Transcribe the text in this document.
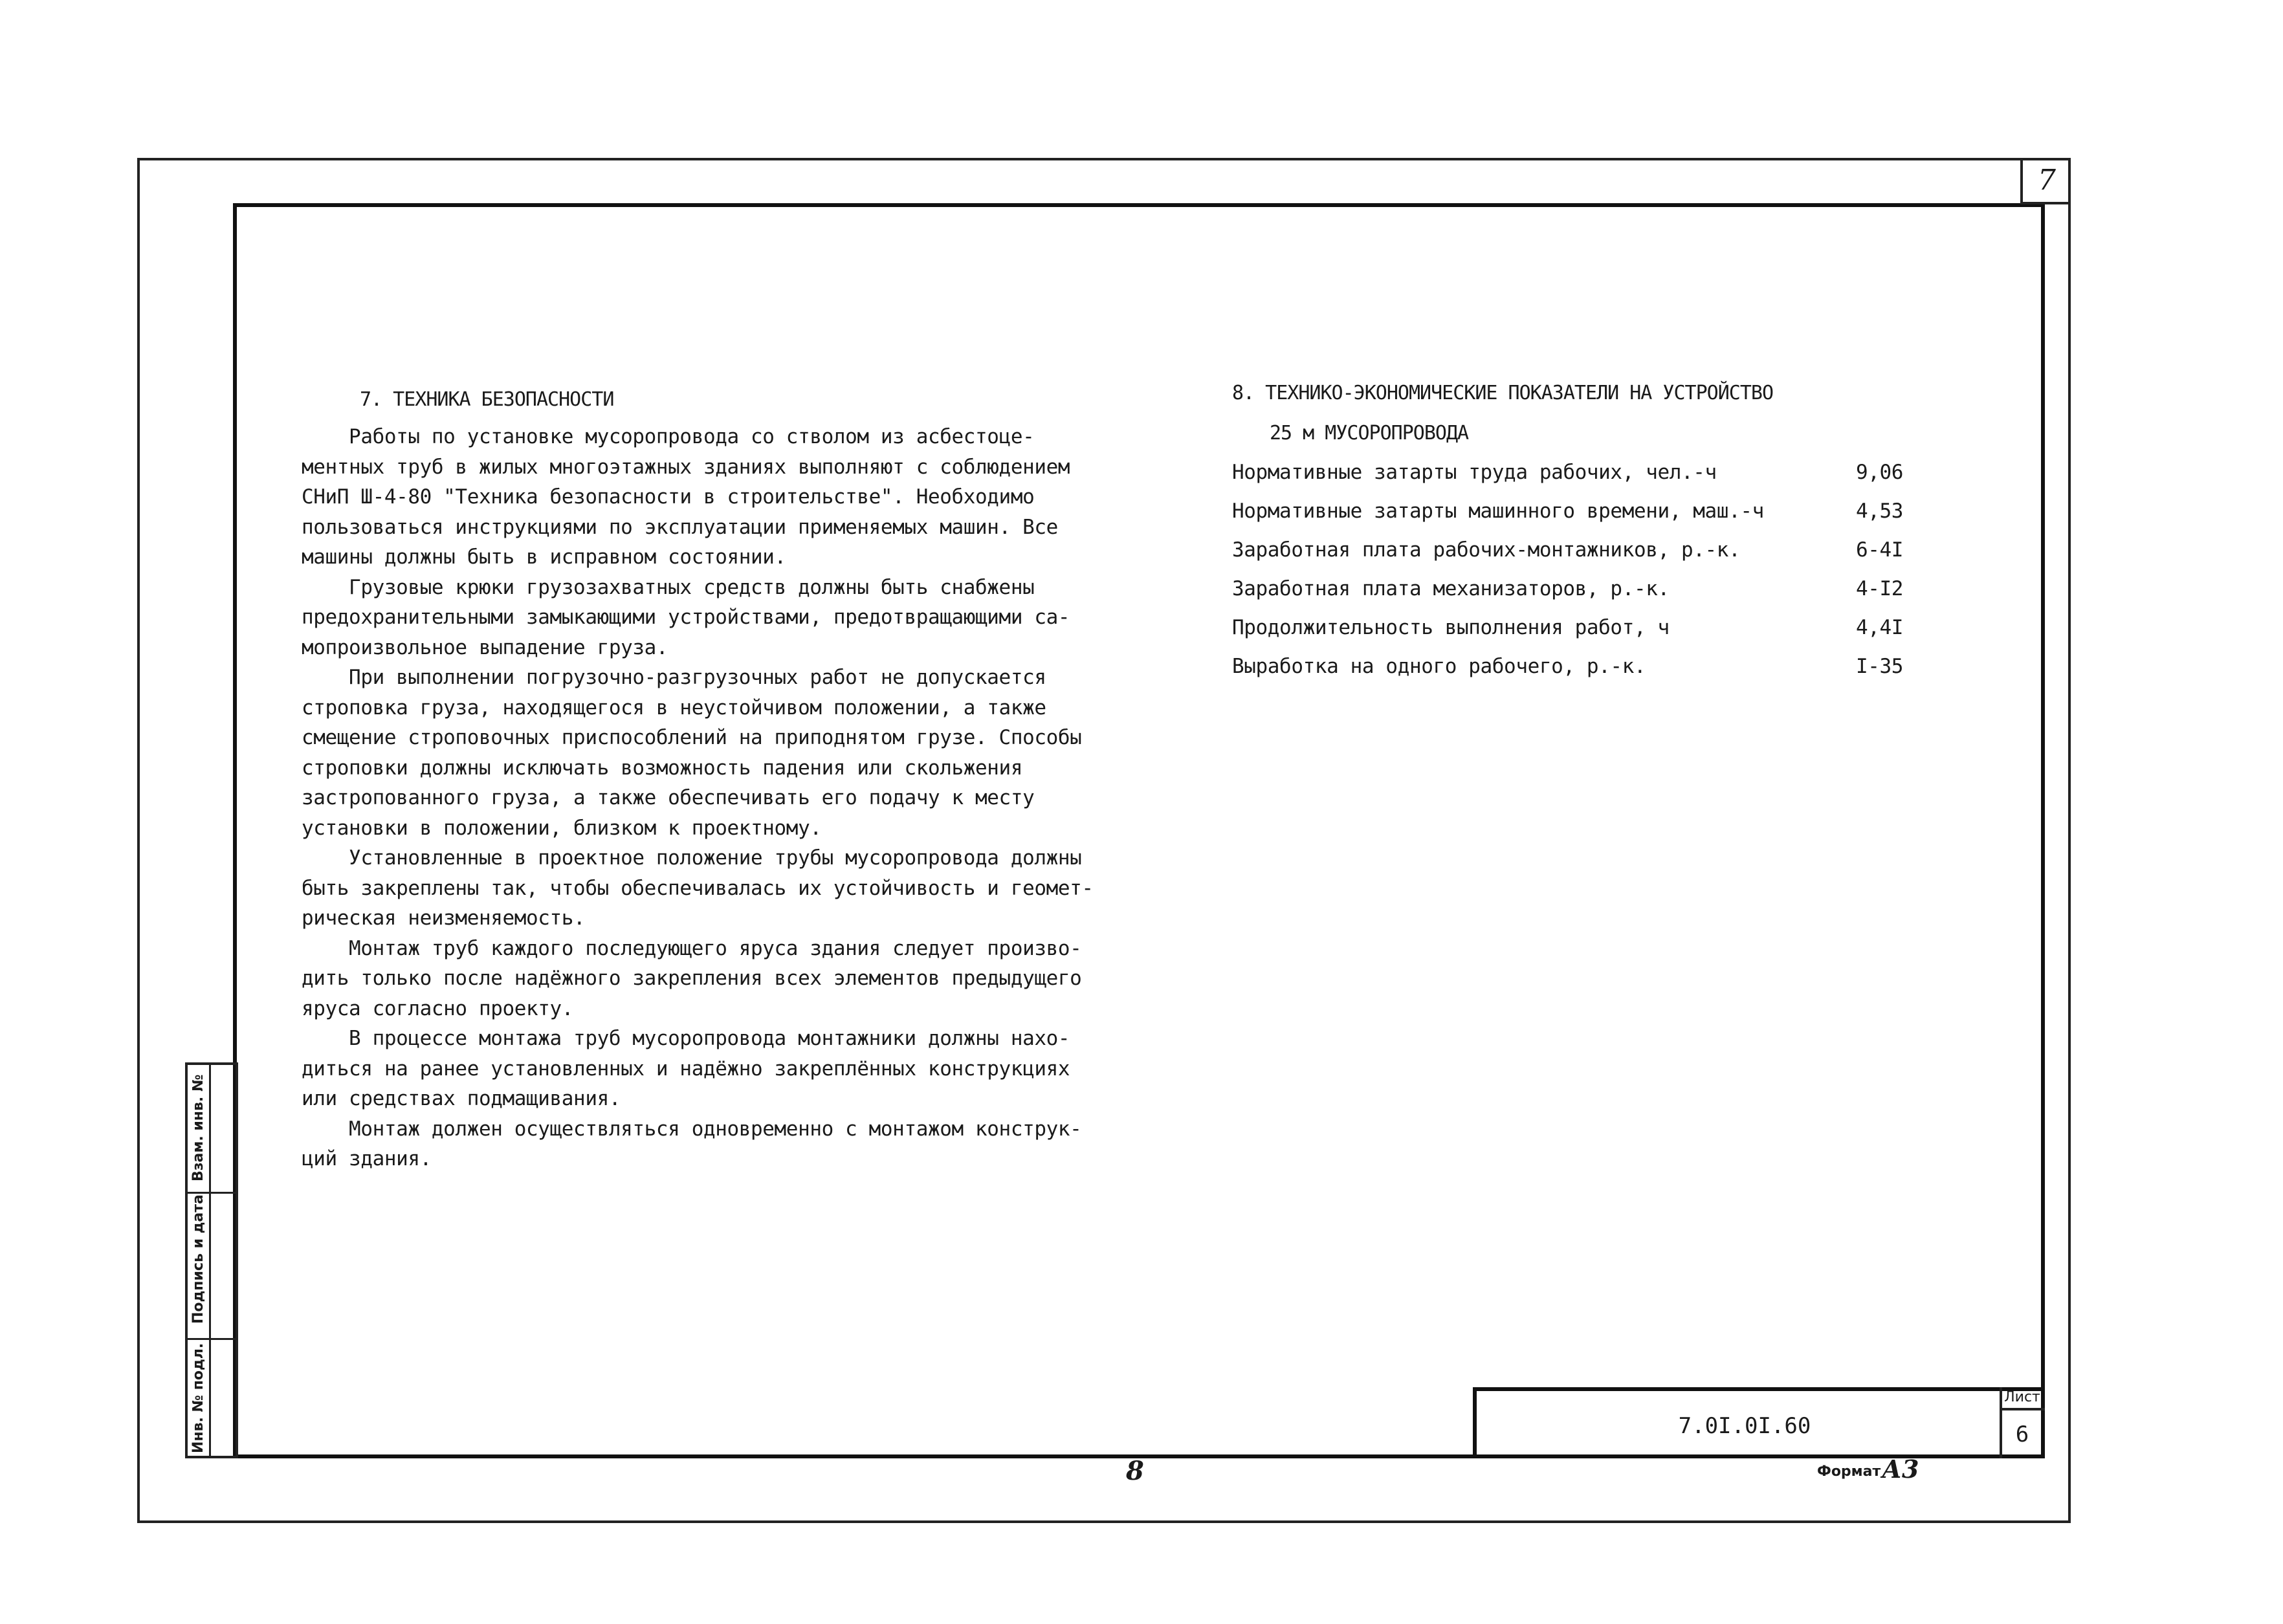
7
Взам. инв. №
Подпись и дата
Инв. № подл.
7. ТЕХНИКА БЕЗОПАСНОСТИ
Работы по установке мусоропровода со стволом из асбестоце-
ментных труб в жилых многоэтажных зданиях выполняют с соблюдением
СНиП Ш-4-80 "Техника безопасности в строительстве". Необходимо
пользоваться инструкциями по эксплуатации применяемых машин. Все
машины должны быть в исправном состоянии.
Грузовые крюки грузозахватных средств должны быть снабжены
предохранительными замыкающими устройствами, предотвращающими са-
мопроизвольное выпадение груза.
При выполнении погрузочно-разгрузочных работ не допускается
строповка груза, находящегося в неустойчивом положении, а также
смещение строповочных приспособлений на приподнятом грузе. Способы
строповки должны исключать возможность падения или скольжения
застропованного груза, а также обеспечивать его подачу к месту
установки в положении, близком к проектному.
Установленные в проектное положение трубы мусоропровода должны
быть закреплены так, чтобы обеспечивалась их устойчивость и геомет-
рическая неизменяемость.
Монтаж труб каждого последующего яруса здания следует произво-
дить только после надёжного закрепления всех элементов предыдущего
яруса согласно проекту.
В процессе монтажа труб мусоропровода монтажники должны нахо-
диться на ранее установленных и надёжно закреплённых конструкциях
или средствах подмащивания.
Монтаж должен осуществляться одновременно с монтажом конструк-
ций здания.
8. ТЕХНИКО-ЭКОНОМИЧЕСКИЕ ПОКАЗАТЕЛИ НА УСТРОЙСТВО
25 м МУСОРОПРОВОДА
Нормативные затарты труда рабочих, чел.-ч	9,06
Нормативные затарты машинного времени, маш.-ч	4,53
Заработная плата рабочих-монтажников, р.-к.	6-4I
Заработная плата механизаторов, р.-к.	4-I2
Продолжительность выполнения работ, ч	4,4I
Выработка на одного рабочего, р.-к.	I-35
7.0I.0I.60
Лист
6
8	Формат А3
